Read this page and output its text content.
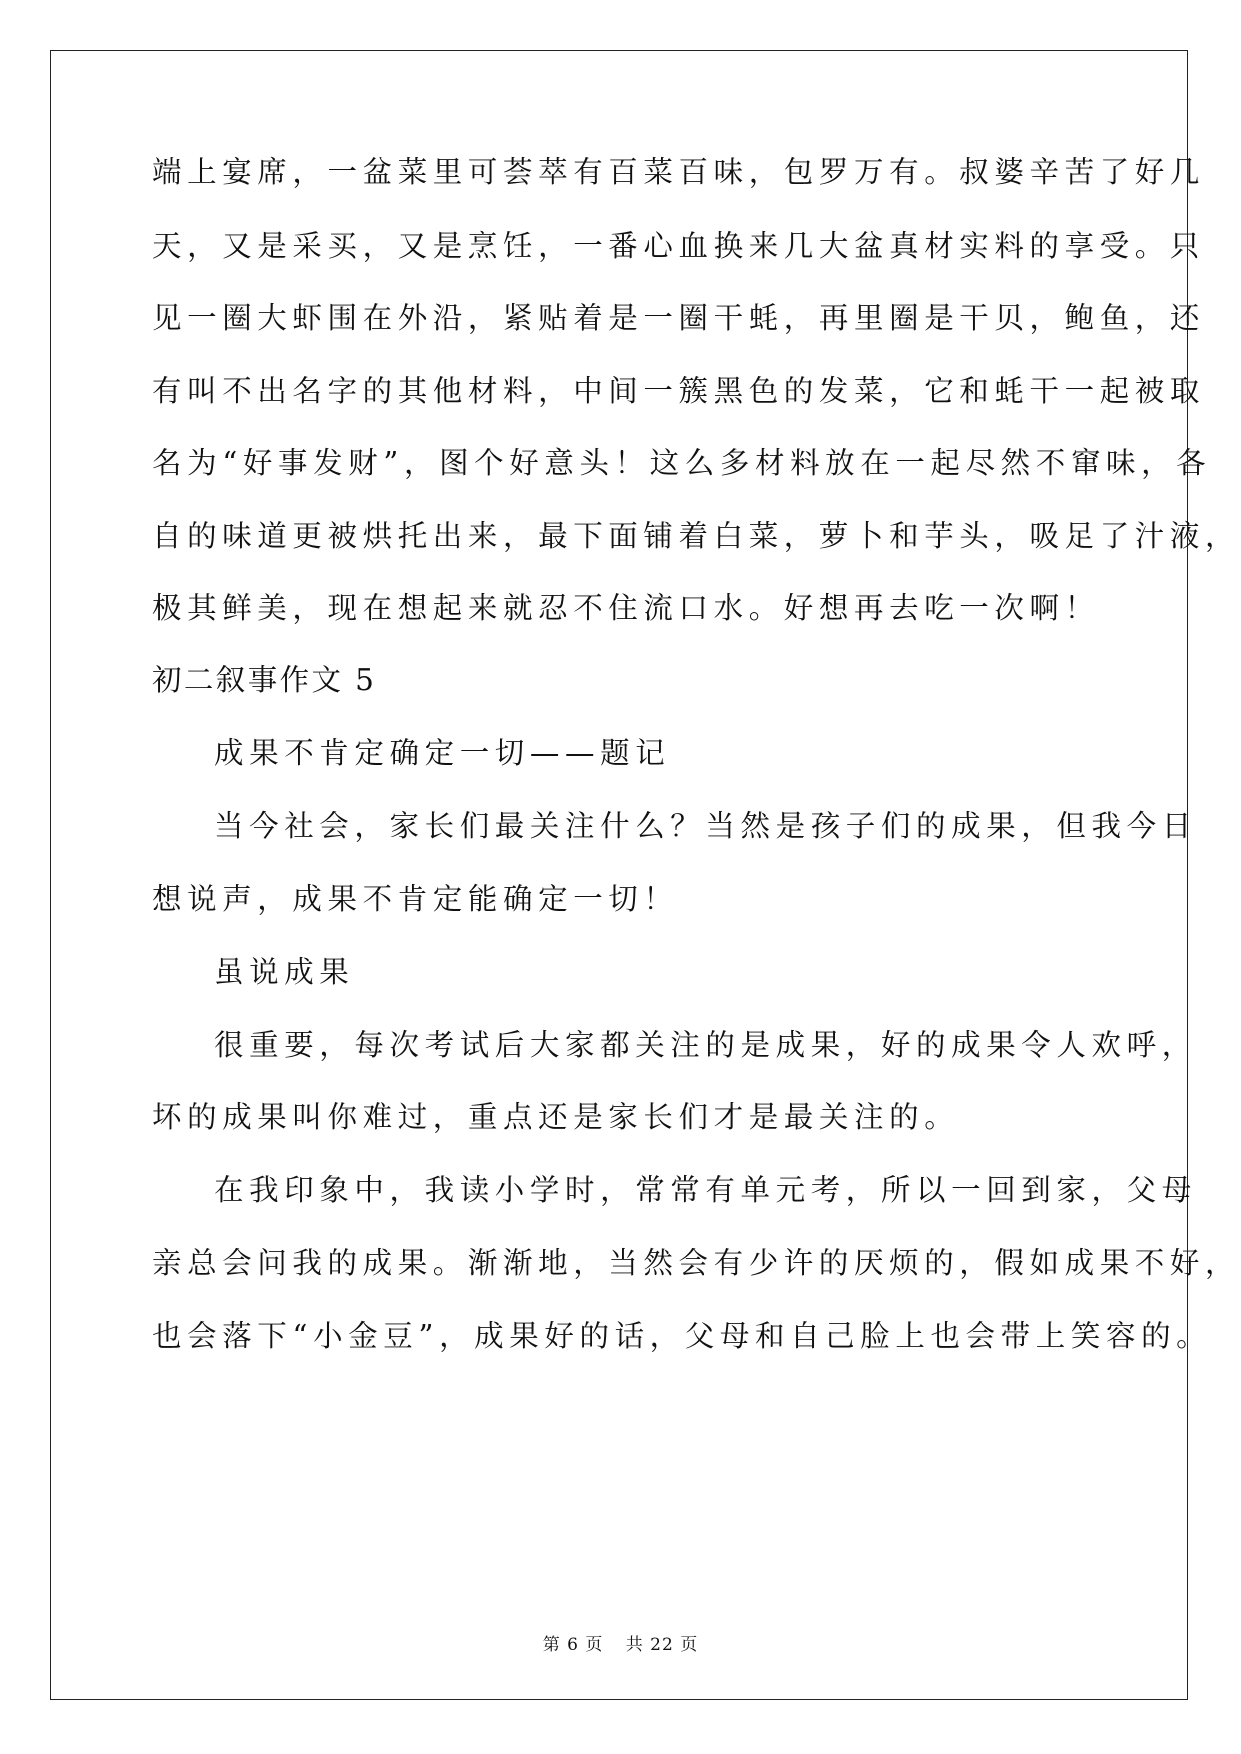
端上宴席，一盆菜里可荟萃有百菜百味，包罗万有。叔婆辛苦了好几
天，又是采买，又是烹饪，一番心血换来几大盆真材实料的享受。只
见一圈大虾围在外沿，紧贴着是一圈干蚝，再里圈是干贝，鲍鱼，还
有叫不出名字的其他材料，中间一簇黑色的发菜，它和蚝干一起被取
名为“好事发财”，图个好意头！这么多材料放在一起尽然不窜味，各
自的味道更被烘托出来，最下面铺着白菜，萝卜和芋头，吸足了汁液，
极其鲜美，现在想起来就忍不住流口水。好想再去吃一次啊！
初二叙事作文 5
成果不肯定确定一切——题记
当今社会，家长们最关注什么？当然是孩子们的成果，但我今日
想说声，成果不肯定能确定一切！
虽说成果
很重要，每次考试后大家都关注的是成果，好的成果令人欢呼，
坏的成果叫你难过，重点还是家长们才是最关注的。
在我印象中，我读小学时，常常有单元考，所以一回到家，父母
亲总会问我的成果。渐渐地，当然会有少许的厌烦的，假如成果不好，
也会落下“小金豆”，成果好的话，父母和自己脸上也会带上笑容的。
第 6 页 共 22 页
